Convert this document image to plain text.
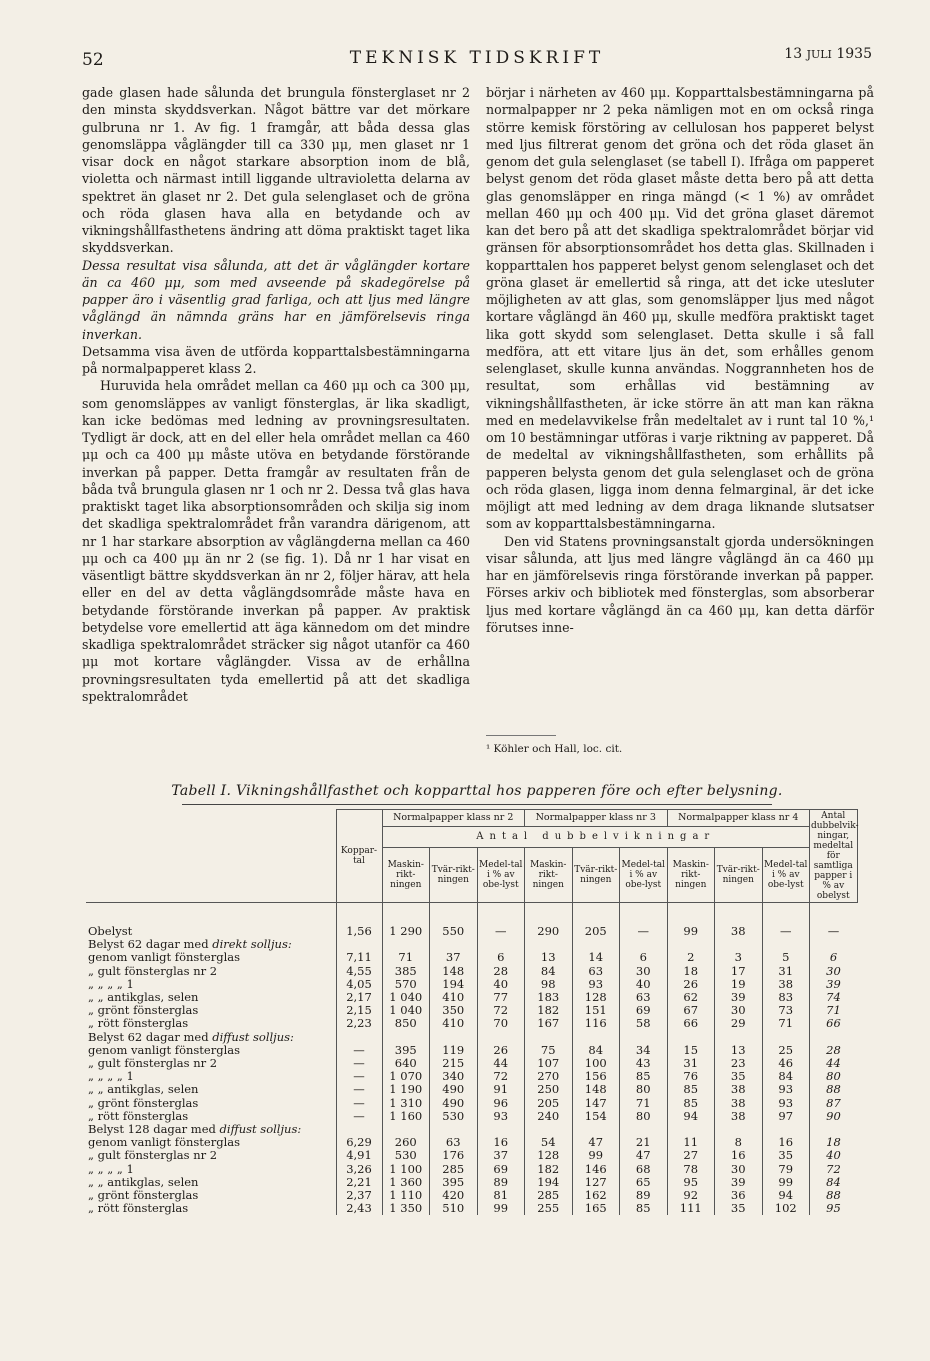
52	TEKNISK TIDSKRIFT	13 JULI 1935

gade glasen hade sålunda det brungula fönsterglaset nr 2 den minsta skyddsverkan. Något bättre var det mörkare gulbruna nr 1. Av fig. 1 framgår, att båda dessa glas genomsläppa våglängder till ca 330 μμ, men glaset nr 1 visar dock en något starkare absorption inom de blå, violetta och närmast intill liggande ultravioletta delarna av spektret än glaset nr 2. Det gula selenglaset och de gröna och röda glasen hava alla en betydande och av vikningshållfasthetens ändring att döma praktiskt taget lika skyddsverkan.

Dessa resultat visa sålunda, att det är våglängder kortare än ca 460 μμ, som med avseende på skadegörelse på papper äro i väsentlig grad farliga, och att ljus med längre våglängd än nämnda gräns har en jämförelsevis ringa inverkan.

Detsamma visa även de utförda kopparttalsbestämningarna på normalpapperet klass 2.

Huruvida hela området mellan ca 460 μμ och ca 300 μμ, som genomsläppes av vanligt fönsterglas, är lika skadligt, kan icke bedömas med ledning av provningsresultaten. Tydligt är dock, att en del eller hela området mellan ca 460 μμ och ca 400 μμ måste utöva en betydande förstörande inverkan på papper. Detta framgår av resultaten från de båda två brungula glasen nr 1 och nr 2. Dessa två glas hava praktiskt taget lika absorptionsområden och skilja sig inom det skadliga spektralområdet från varandra därigenom, att nr 1 har starkare absorption av våglängderna mellan ca 460 μμ och ca 400 μμ än nr 2 (se fig. 1). Då nr 1 har visat en väsentligt bättre skyddsverkan än nr 2, följer härav, att hela eller en del av detta våglängdsområde måste hava en betydande förstörande inverkan på papper. Av praktisk betydelse vore emellertid att äga kännedom om det mindre skadliga spektralområdet sträcker sig något utanför ca 460 μμ mot kortare våglängder. Vissa av de erhållna provningsresultaten tyda emellertid på att det skadliga spektralområdet

börjar i närheten av 460 μμ. Kopparttalsbestämningarna på normalpapper nr 2 peka nämligen mot en om också ringa större kemisk förstöring av cellulosan hos papperet belyst med ljus filtrerat genom det gröna och det röda glaset än genom det gula selenglaset (se tabell I). Ifråga om papperet belyst genom det röda glaset måste detta bero på att detta glas genomsläpper en ringa mängd (< 1 %) av området mellan 460 μμ och 400 μμ. Vid det gröna glaset däremot kan det bero på att det skadliga spektralområdet börjar vid gränsen för absorptionsområdet hos detta glas. Skillnaden i kopparttalen hos papperet belyst genom selenglaset och det gröna glaset är emellertid så ringa, att det icke utesluter möjligheten av att glas, som genomsläpper ljus med något kortare våglängd än 460 μμ, skulle medföra praktiskt taget lika gott skydd som selenglaset. Detta skulle i så fall medföra, att ett vitare ljus än det, som erhålles genom selenglaset, skulle kunna användas. Noggrannheten hos de resultat, som erhållas vid bestämning av vikningshållfastheten, är icke större än att man kan räkna med en medelavvikelse från medeltalet av i runt tal 10 %,¹ om 10 bestämningar utföras i varje riktning av papperet. Då de medeltal av vikningshållfastheten, som erhållits på papperen belysta genom det gula selenglaset och de gröna och röda glasen, ligga inom denna felmarginal, är det icke möjligt att med ledning av dem draga liknande slutsatser som av kopparttalsbestämningarna.

Den vid Statens provningsanstalt gjorda undersökningen visar sålunda, att ljus med längre våglängd än ca 460 μμ har en jämförelsevis ringa förstörande inverkan på papper. Förses arkiv och bibliotek med fönsterglas, som absorberar ljus med kortare våglängd än ca 460 μμ, kan detta därför förutses inne-

¹ Köhler och Hall, loc. cit.
Tabell I. Vikningshållfasthet och kopparttal hos papperen före och efter belysning.
	Koppar-tal	Normalpapper klass nr 2			Normalpapper klass nr 3			Normalpapper klass nr 4			Antal dubbelvik-ningar, medeltal för samtliga papper i % av obelyst
		Antal dubbelvikningar									
		Maskin-rikt-ningen	Tvär-rikt-ningen	Medel-tal i % av obe-lyst	Maskin-rikt-ningen	Tvär-rikt-ningen	Medel-tal i % av obe-lyst	Maskin-rikt-ningen	Tvär-rikt-ningen	Medel-tal i % av obe-lyst	

Obelyst	1,56	1 290	550	—	290	205	—	99	38	—	—
Belyst 62 dagar med direkt solljus:											
genom vanligt fönsterglas	7,11	71	37	6	13	14	6	2	3	5	6
„ gult fönsterglas nr 2	4,55	385	148	28	84	63	30	18	17	31	30
„ „ „ „ 1	4,05	570	194	40	98	93	40	26	19	38	39
„ „ antikglas, selen	2,17	1 040	410	77	183	128	63	62	39	83	74
„ grönt fönsterglas	2,15	1 040	350	72	182	151	69	67	30	73	71
„ rött fönsterglas	2,23	850	410	70	167	116	58	66	29	71	66
Belyst 62 dagar med diffust solljus:											
genom vanligt fönsterglas	—	395	119	26	75	84	34	15	13	25	28
„ gult fönsterglas nr 2	—	640	215	44	107	100	43	31	23	46	44
„ „ „ „ 1	—	1 070	340	72	270	156	85	76	35	84	80
„ „ antikglas, selen	—	1 190	490	91	250	148	80	85	38	93	88
„ grönt fönsterglas	—	1 310	490	96	205	147	71	85	38	93	87
„ rött fönsterglas	—	1 160	530	93	240	154	80	94	38	97	90
Belyst 128 dagar med diffust solljus:											
genom vanligt fönsterglas	6,29	260	63	16	54	47	21	11	8	16	18
„ gult fönsterglas nr 2	4,91	530	176	37	128	99	47	27	16	35	40
„ „ „ „ 1	3,26	1 100	285	69	182	146	68	78	30	79	72
„ „ antikglas, selen	2,21	1 360	395	89	194	127	65	95	39	99	84
„ grönt fönsterglas	2,37	1 110	420	81	285	162	89	92	36	94	88
„ rött fönsterglas	2,43	1 350	510	99	255	165	85	111	35	102	95
